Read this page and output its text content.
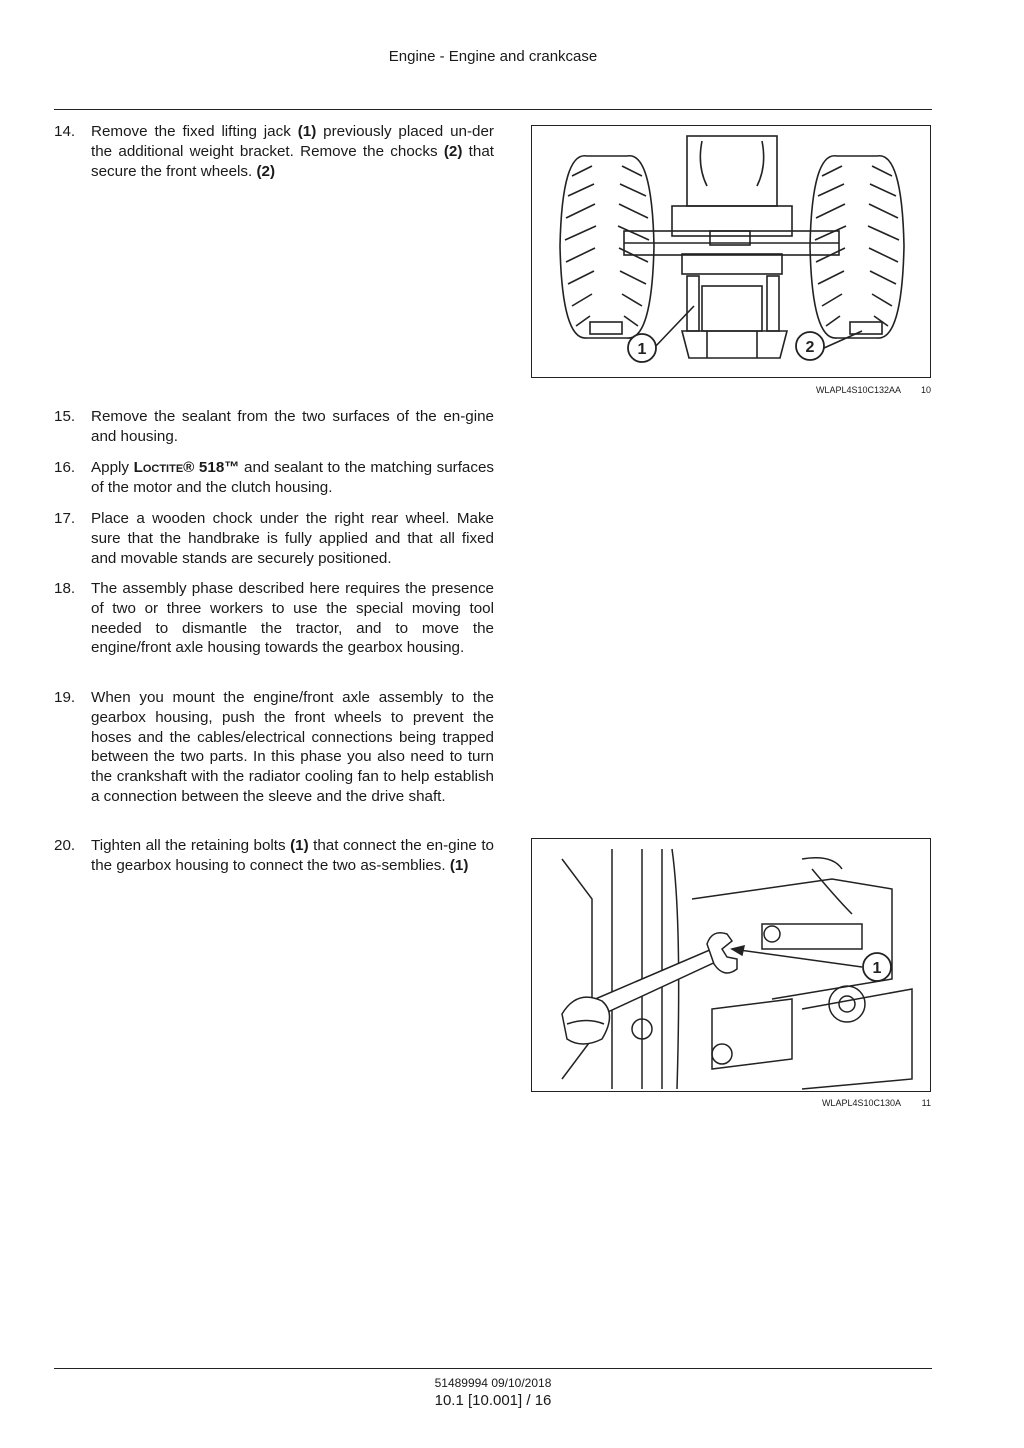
Engine - Engine and crankcase
14.	Remove the fixed lifting jack (1) previously placed un-der the additional weight bracket. Remove the chocks (2) that secure the front wheels. (2)
15.	Remove the sealant from the two surfaces of the en-gine and housing.
16.	Apply Loctite® 518™ and sealant to the matching surfaces of the motor and the clutch housing.
17.	Place a wooden chock under the right rear wheel. Make sure that the handbrake is fully applied and that all fixed and movable stands are securely positioned.
18.	The assembly phase described here requires the presence of two or three workers to use the special moving tool needed to dismantle the tractor, and to move the engine/front axle housing towards the gearbox housing.
19.	When you mount the engine/front axle assembly to the gearbox housing, push the front wheels to prevent the hoses and the cables/electrical connections being trapped between the two parts. In this phase you also need to turn the crankshaft with the radiator cooling fan to help establish a connection between the sleeve and the drive shaft.
20.	Tighten all the retaining bolts (1) that connect the en-gine to the gearbox housing to connect the two as-semblies. (1)
1	2
WLAPL4S10C132AA 10
1
WLAPL4S10C130A 11
51489994 09/10/2018
10.1 [10.001] / 16
